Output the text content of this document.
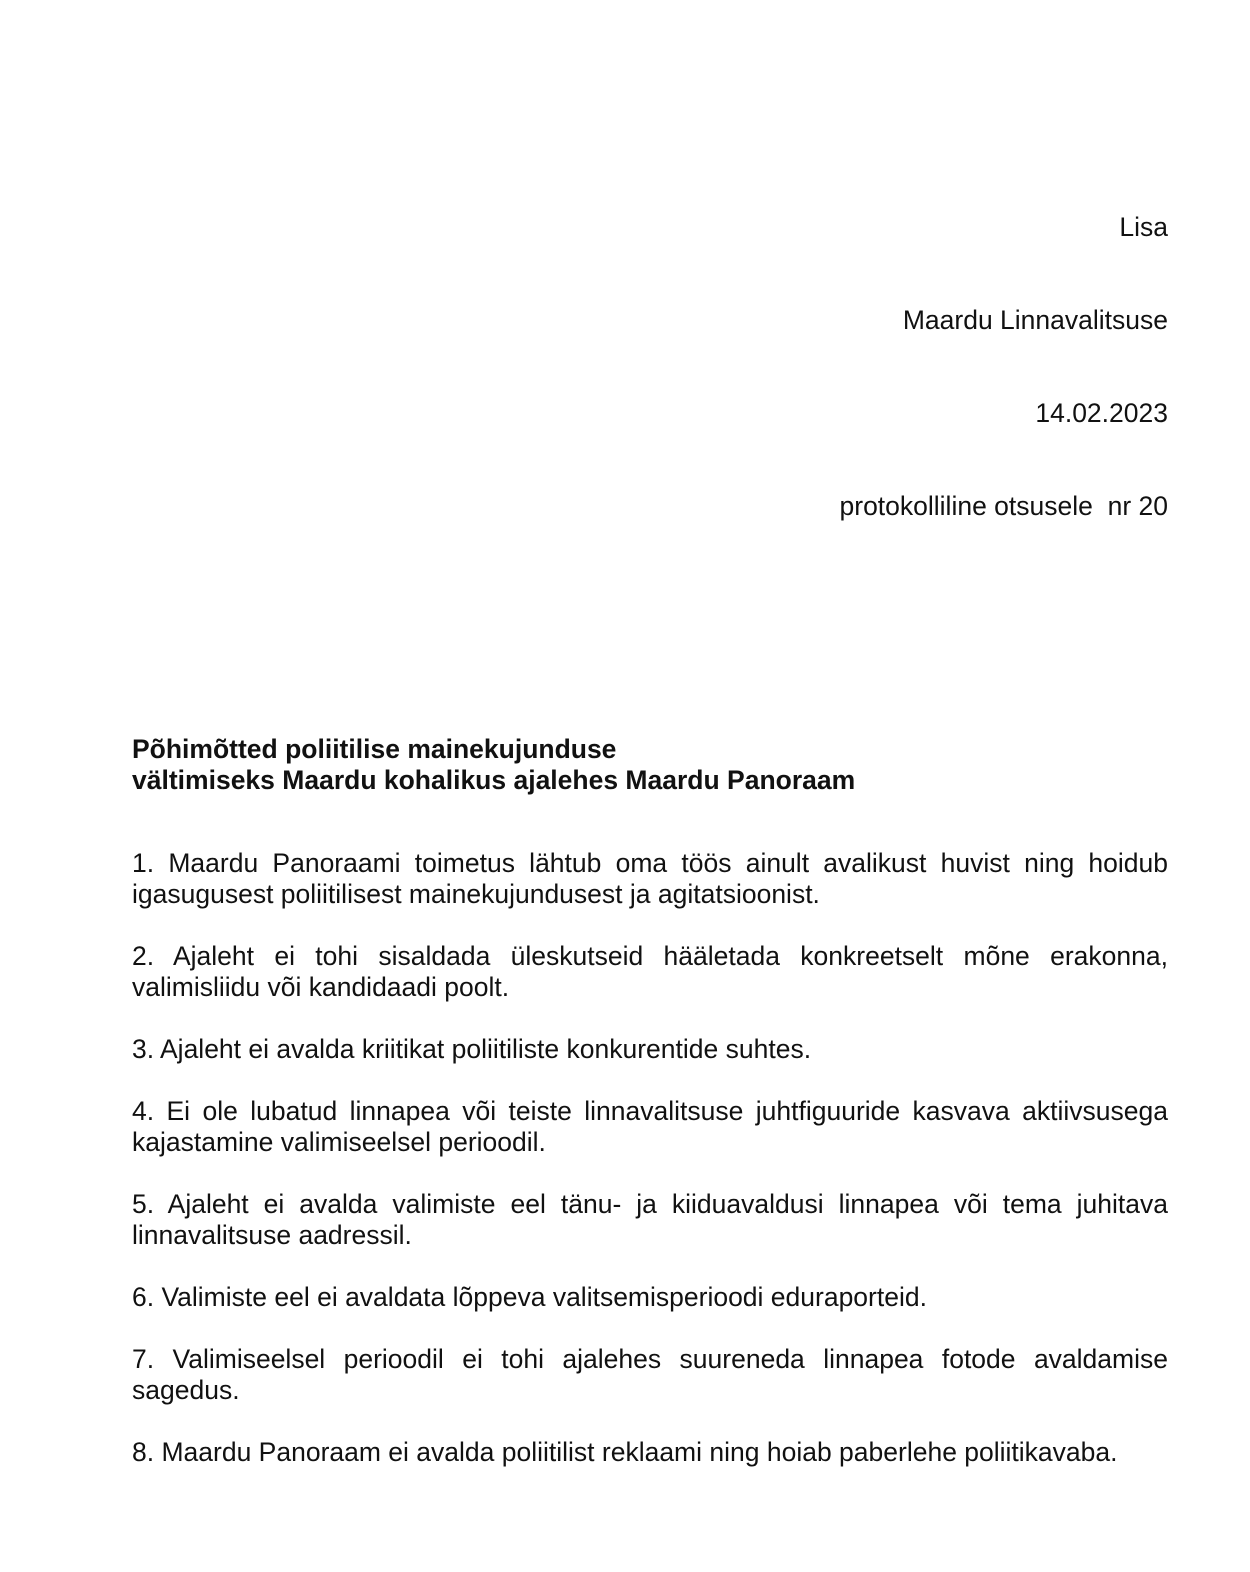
Lisa

Maardu Linnavalitsuse

14.02.2023

protokolliline otsusele  nr 20

Põhimõtted poliitilise mainekujunduse
vältimiseks Maardu kohalikus ajalehes Maardu Panoraam

1. Maardu Panoraami toimetus lähtub oma töös ainult avalikust huvist ning hoidub igasugusest poliitilisest mainekujundusest ja agitatsioonist.

2. Ajaleht ei tohi sisaldada üleskutseid hääletada konkreetselt mõne erakonna, valimisliidu või kandidaadi poolt.

3. Ajaleht ei avalda kriitikat poliitiliste konkurentide suhtes.

4. Ei ole lubatud linnapea või teiste linnavalitsuse juhtfiguuride kasvava aktiivsusega kajastamine valimiseelsel perioodil.

5. Ajaleht ei avalda valimiste eel tänu- ja kiiduavaldusi linnapea või tema juhitava linnavalitsuse aadressil.

6. Valimiste eel ei avaldata lõppeva valitsemisperioodi eduraporteid.

7. Valimiseelsel perioodil ei tohi ajalehes suureneda linnapea fotode avaldamise sagedus.

8. Maardu Panoraam ei avalda poliitilist reklaami ning hoiab paberlehe poliitikavaba.
